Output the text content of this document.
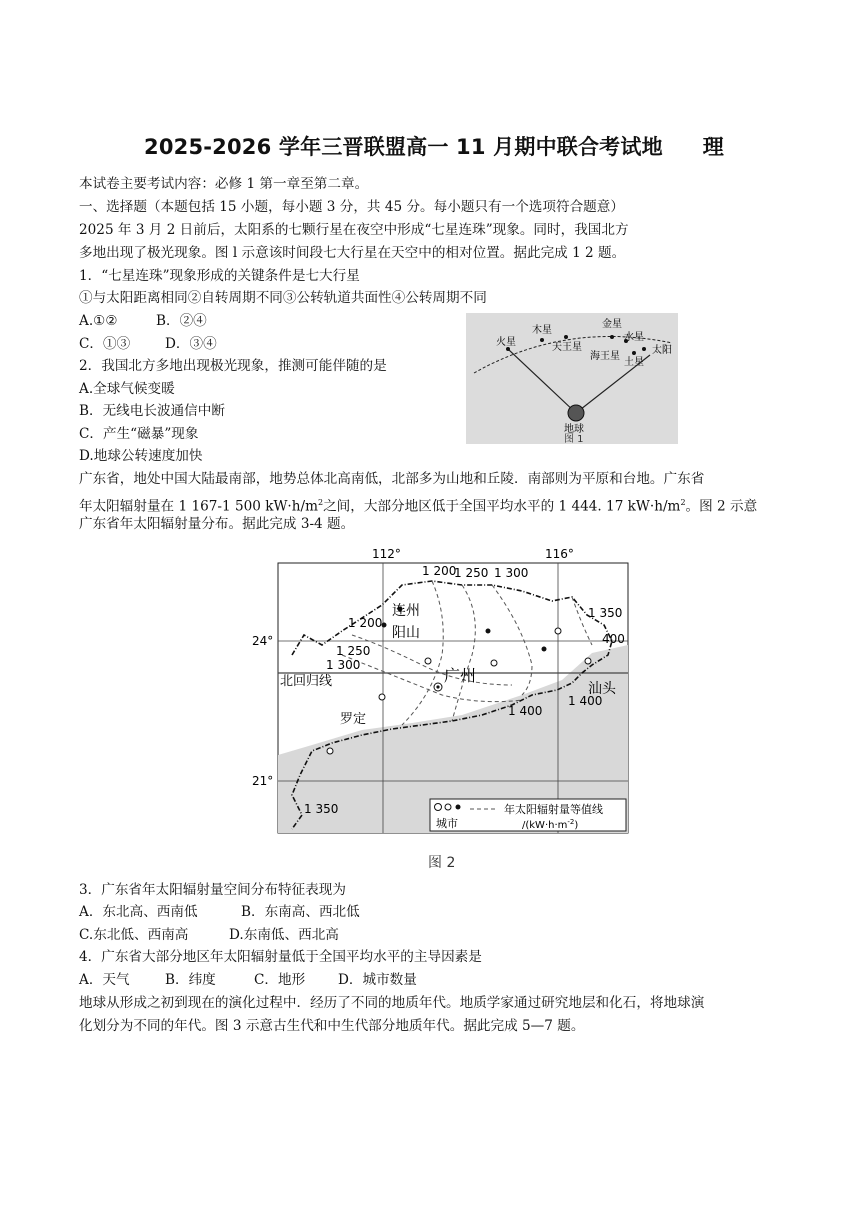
2025-2026 学年三晋联盟高一 11 月期中联合考试地 理
本试卷主要考试内容：必修 1 第一章至第二章。
一、选择题（本题包括 15 小题，每小题 3 分，共 45 分。每小题只有一个选项符合题意）
2025 年 3 月 2 日前后，太阳系的七颗行星在夜空中形成“七星连珠”现象。同时，我国北方
多地出现了极光现象。图 l 示意该时间段七大行星在天空中的相对位置。据此完成 1 2 题。
1．“七星连珠”现象形成的关键条件是七大行星
①与太阳距离相同②自转周期不同③公转轨道共面性④公转周期不同
A.①②	B．②④
C．①③	D．③④
2．我国北方多地出现极光现象，推测可能伴随的是
A.全球气候变暖
B．无线电长波通信中断
C．产生“磁暴”现象
D.地球公转速度加快
火星
木星
天王星
金星
水星
海王星
土星
太阳
地球
图 1
广东省，地处中国大陆最南部，地势总体北高南低，北部多为山地和丘陵．南部则为平原和台地。广东省
年太阳辐射量在 1 167-1 500 $kW\cdot h/m^2$之间，大部分地区低于全国平均水平的 1 444. 17 $kW\cdot h/m^2$。图 2 示意
广东省年太阳辐射量分布。据此完成 3-4 题。
112°	116°
24°
21°
1 200
1 250 1 300
1 200
1 250
1 300
1 350
400
1 400
1 400
1 350
连州
阳山
广州
罗定
汕头
北回归线
城市
年太阳辐射量等值线
$/(kW\cdot h\cdot m^{-2})$
图 2
3．广东省年太阳辐射量空间分布特征表现为
A．东北高、西南低	B．东南高、西北低
C.东北低、西南高	D.东南低、西北高
4．广东省大部分地区年太阳辐射量低于全国平均水平的主导因素是
A．天气	B．纬度	C．地形 D．城市数量
地球从形成之初到现在的演化过程中．经历了不同的地质年代。地质学家通过研究地层和化石，将地球演
化划分为不同的年代。图 3 示意古生代和中生代部分地质年代。据此完成 5—7 题。
